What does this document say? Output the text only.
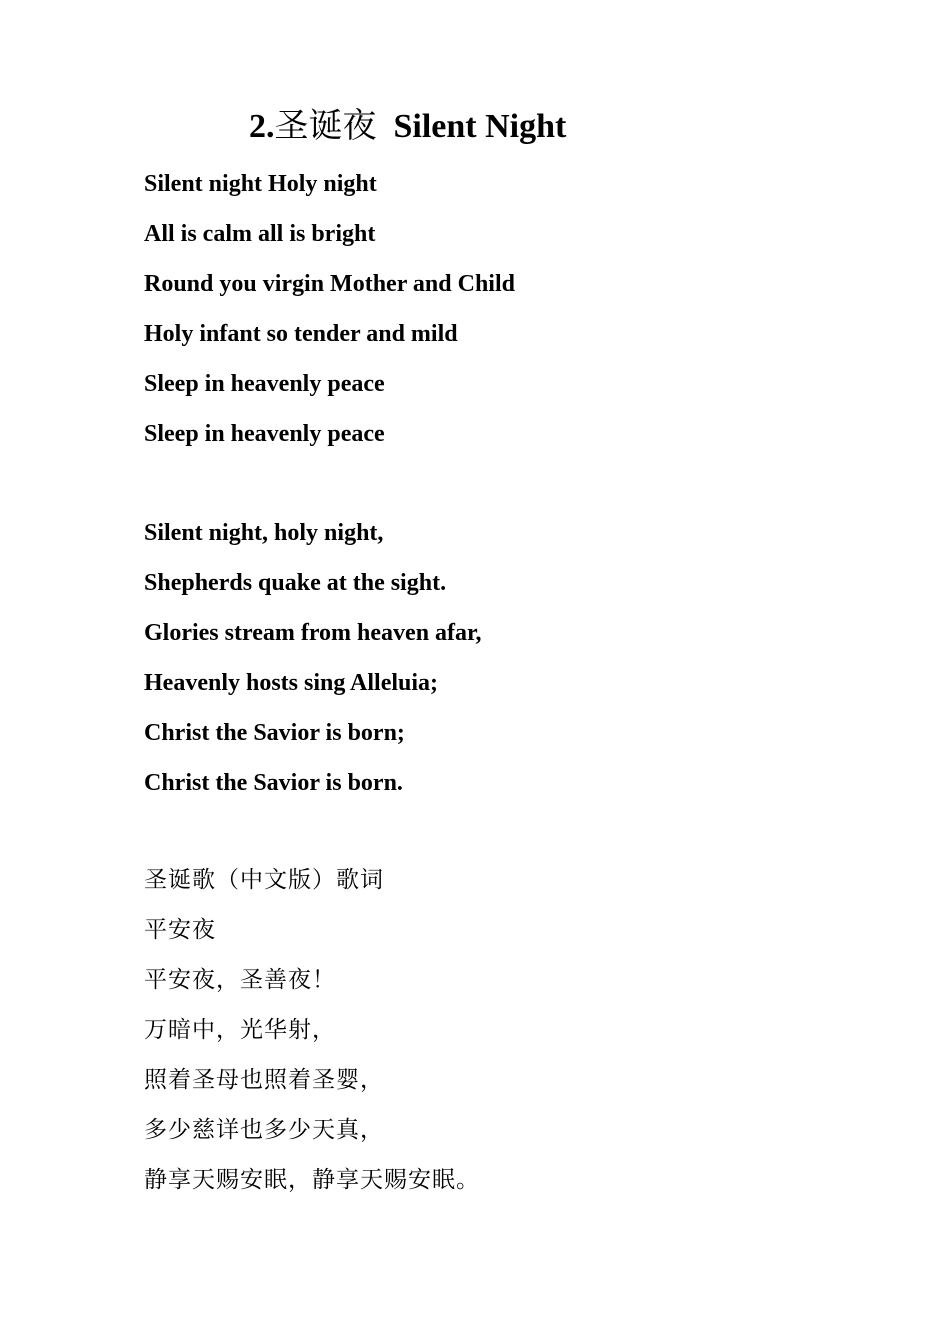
2.圣诞夜 Silent Night
Silent night Holy night
All is calm all is bright
Round you virgin Mother and Child
Holy infant so tender and mild
Sleep in heavenly peace
Sleep in heavenly peace
Silent night, holy night,
Shepherds quake at the sight.
Glories stream from heaven afar,
Heavenly hosts sing Alleluia;
Christ the Savior is born;
Christ the Savior is born.
圣诞歌（中文版）歌词
平安夜
平安夜，圣善夜！
万暗中，光华射，
照着圣母也照着圣婴，
多少慈详也多少天真，
静享天赐安眠，静享天赐安眠。
